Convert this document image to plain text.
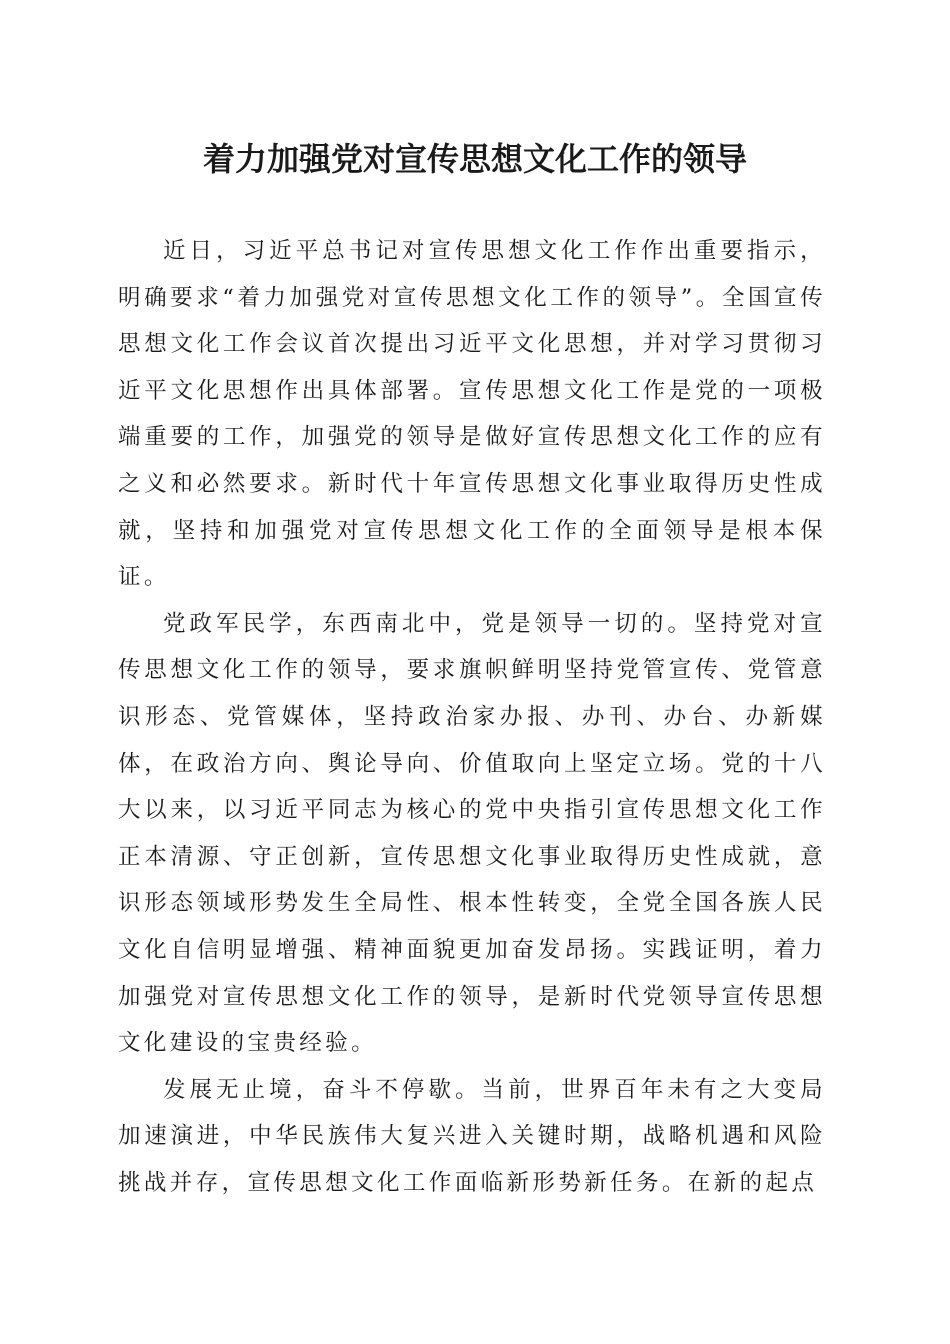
着力加强党对宣传思想文化工作的领导

近日，习近平总书记对宣传思想文化工作作出重要指示，明确要求“着力加强党对宣传思想文化工作的领导”。全国宣传思想文化工作会议首次提出习近平文化思想，并对学习贯彻习近平文化思想作出具体部署。宣传思想文化工作是党的一项极端重要的工作，加强党的领导是做好宣传思想文化工作的应有之义和必然要求。新时代十年宣传思想文化事业取得历史性成就，坚持和加强党对宣传思想文化工作的全面领导是根本保证。

党政军民学，东西南北中，党是领导一切的。坚持党对宣传思想文化工作的领导，要求旗帜鲜明坚持党管宣传、党管意识形态、党管媒体，坚持政治家办报、办刊、办台、办新媒体，在政治方向、舆论导向、价值取向上坚定立场。党的十八大以来，以习近平同志为核心的党中央指引宣传思想文化工作正本清源、守正创新，宣传思想文化事业取得历史性成就，意识形态领域形势发生全局性、根本性转变，全党全国各族人民文化自信明显增强、精神面貌更加奋发昂扬。实践证明，着力加强党对宣传思想文化工作的领导，是新时代党领导宣传思想文化建设的宝贵经验。

发展无止境，奋斗不停歇。当前，世界百年未有之大变局加速演进，中华民族伟大复兴进入关键时期，战略机遇和风险挑战并存，宣传思想文化工作面临新形势新任务。在新的起点
